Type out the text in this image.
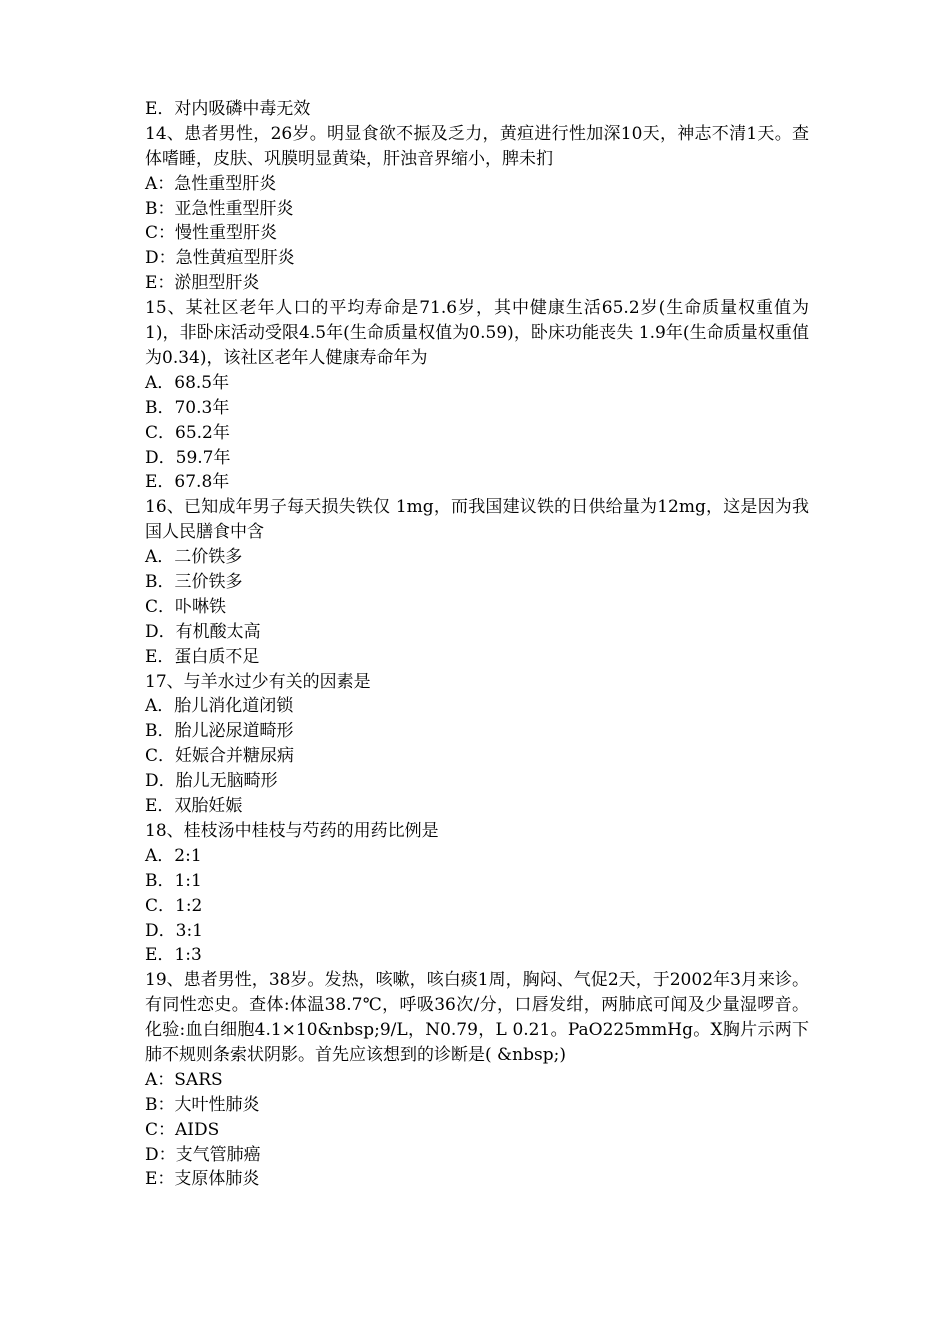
E．对内吸磷中毒无效
14、患者男性，26岁。明显食欲不振及乏力，黄疸进行性加深10天，神志不清1天。查体嗜睡，皮肤、巩膜明显黄染，肝浊音界缩小，脾未扪
A：急性重型肝炎
B：亚急性重型肝炎
C：慢性重型肝炎
D：急性黄疸型肝炎
E：淤胆型肝炎
15、某社区老年人口的平均寿命是71.6岁，其中健康生活65.2岁(生命质量权重值为1)，非卧床活动受限4.5年(生命质量权值为0.59)，卧床功能丧失 1.9年(生命质量权重值为0.34)，该社区老年人健康寿命年为
A．68.5年
B．70.3年
C．65.2年
D．59.7年
E．67.8年
16、已知成年男子每天损失铁仅 1mg，而我国建议铁的日供给量为12mg，这是因为我国人民膳食中含
A．二价铁多
B．三价铁多
C．卟啉铁
D．有机酸太高
E．蛋白质不足
17、与羊水过少有关的因素是
A．胎儿消化道闭锁
B．胎儿泌尿道畸形
C．妊娠合并糖尿病
D．胎儿无脑畸形
E．双胎妊娠
18、桂枝汤中桂枝与芍药的用药比例是
A．2:1
B．1:1
C．1:2
D．3:1
E．1:3
19、患者男性，38岁。发热，咳嗽，咳白痰1周，胸闷、气促2天，于2002年3月来诊。有同性恋史。查体:体温38.7℃，呼吸36次/分，口唇发绀，两肺底可闻及少量湿啰音。化验:血白细胞4.1×10&nbsp;9/L，N0.79，L 0.21。PaO225mmHg。X胸片示两下肺不规则条索状阴影。首先应该想到的诊断是( &nbsp;)
A：SARS
B：大叶性肺炎
C：AIDS
D：支气管肺癌
E：支原体肺炎
